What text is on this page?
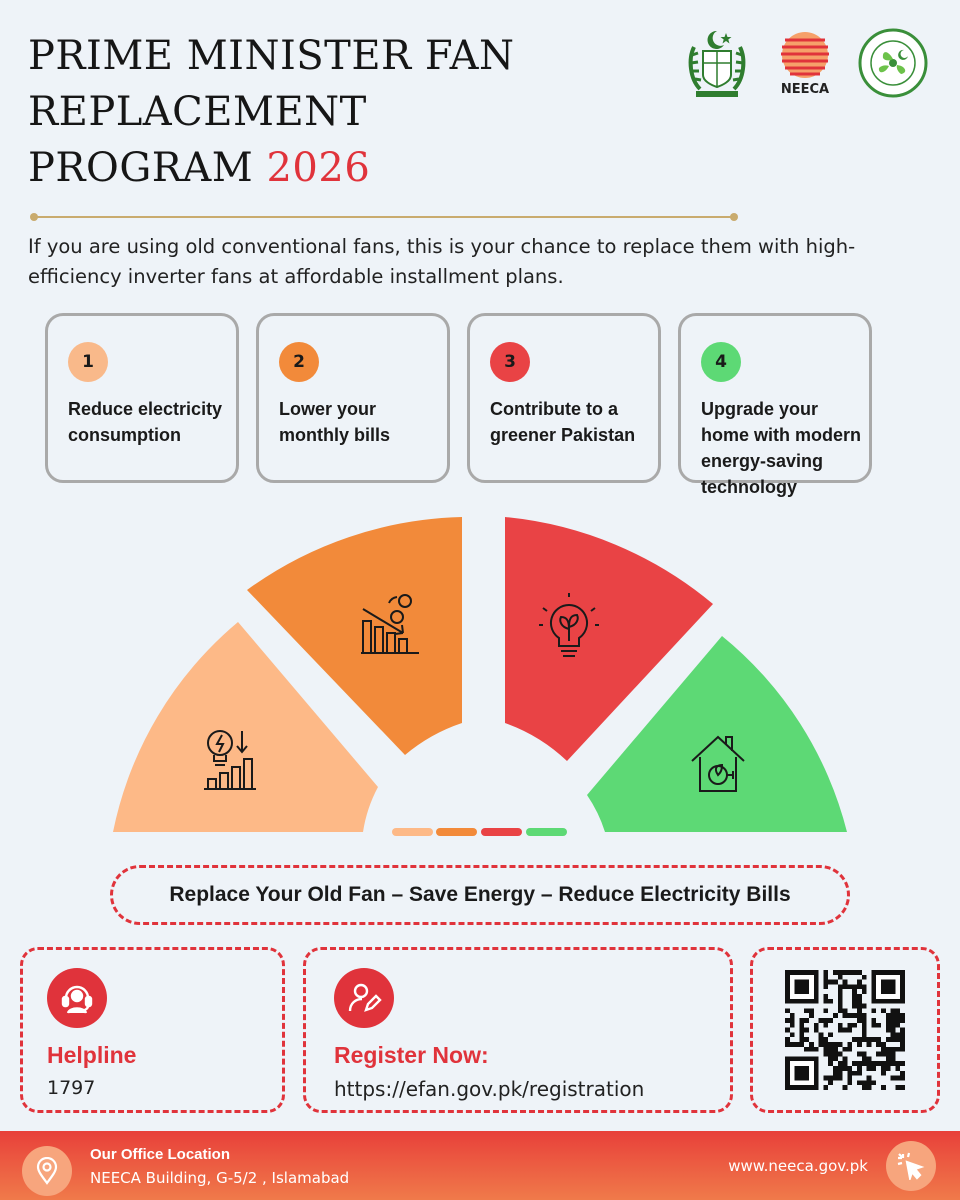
PRIME MINISTER FAN
REPLACEMENT
PROGRAM 2026
NEECA

If you are using old conventional fans, this is your chance to replace them with high-efficiency inverter fans at affordable installment plans.

1
Reduce electricity consumption
2
Lower your monthly bills
3
Contribute to a greener Pakistan
4
Upgrade your home with modern energy-saving technology
Replace Your Old Fan – Save Energy – Reduce Electricity Bills
Helpline
1797
Register Now:
https://efan.gov.pk/registration
Our Office Location
NEECA Building, G-5/2 , Islamabad
www.neeca.gov.pk
